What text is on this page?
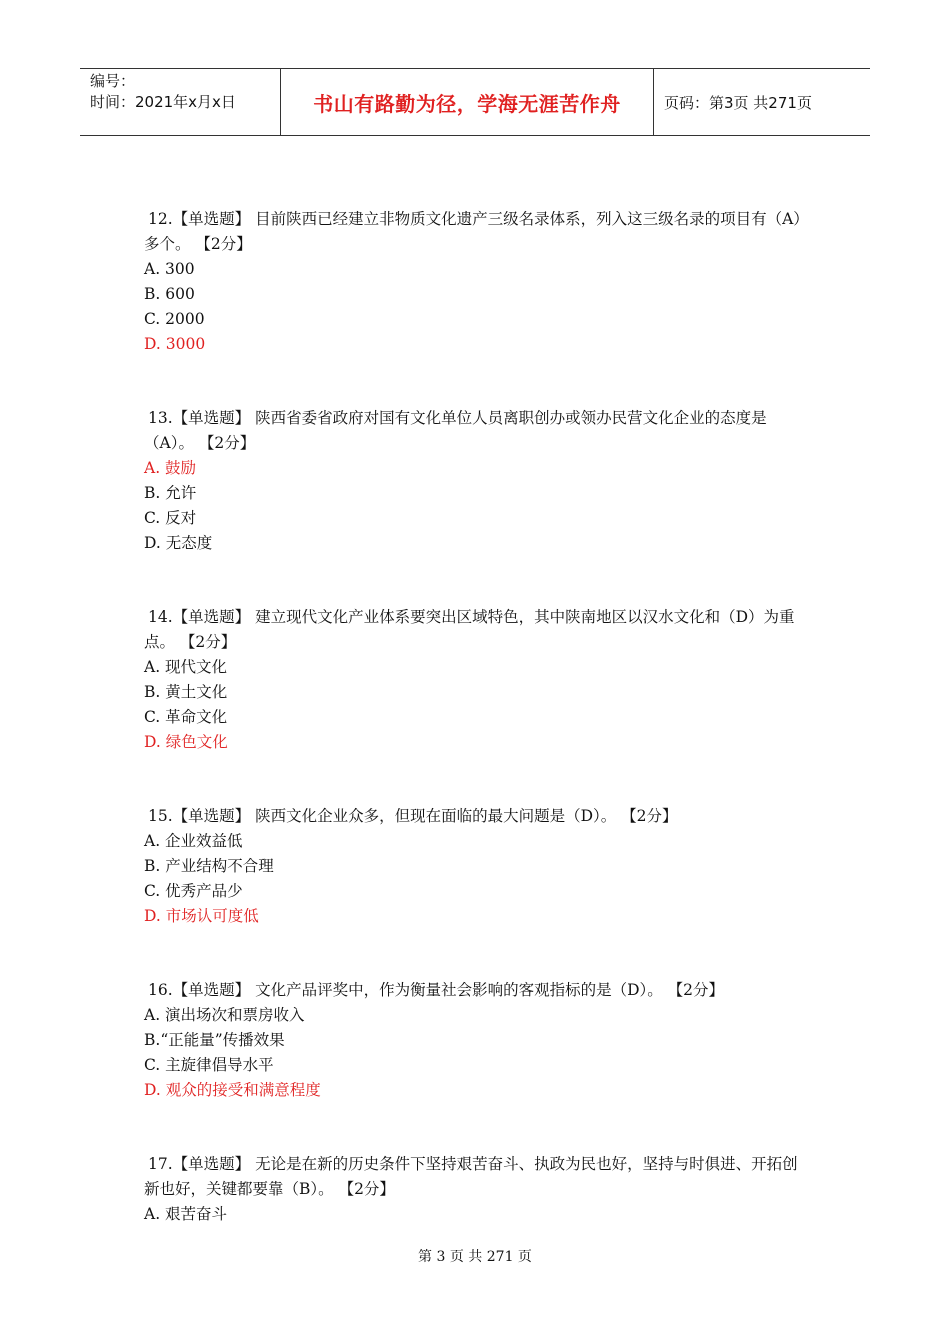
编号：
时间：2021年x月x日	书山有路勤为径，学海无涯苦作舟	页码：第3页 共271页
12.【单选题】 目前陕西已经建立非物质文化遗产三级名录体系，列入这三级名录的项目有（A）多个。 【2分】
A. 300
B. 600
C. 2000
D. 3000
13.【单选题】 陕西省委省政府对国有文化单位人员离职创办或领办民营文化企业的态度是（A）。 【2分】
A. 鼓励
B. 允许
C. 反对
D. 无态度
14.【单选题】 建立现代文化产业体系要突出区域特色，其中陕南地区以汉水文化和（D）为重点。 【2分】
A. 现代文化
B. 黄土文化
C. 革命文化
D. 绿色文化
15.【单选题】 陕西文化企业众多，但现在面临的最大问题是（D）。 【2分】
A. 企业效益低
B. 产业结构不合理
C. 优秀产品少
D. 市场认可度低
16.【单选题】 文化产品评奖中，作为衡量社会影响的客观指标的是（D）。 【2分】
A. 演出场次和票房收入
B.“正能量”传播效果
C. 主旋律倡导水平
D. 观众的接受和满意程度
17.【单选题】 无论是在新的历史条件下坚持艰苦奋斗、执政为民也好，坚持与时俱进、开拓创新也好，关键都要靠（B）。 【2分】
A. 艰苦奋斗
第 3 页 共 271 页
